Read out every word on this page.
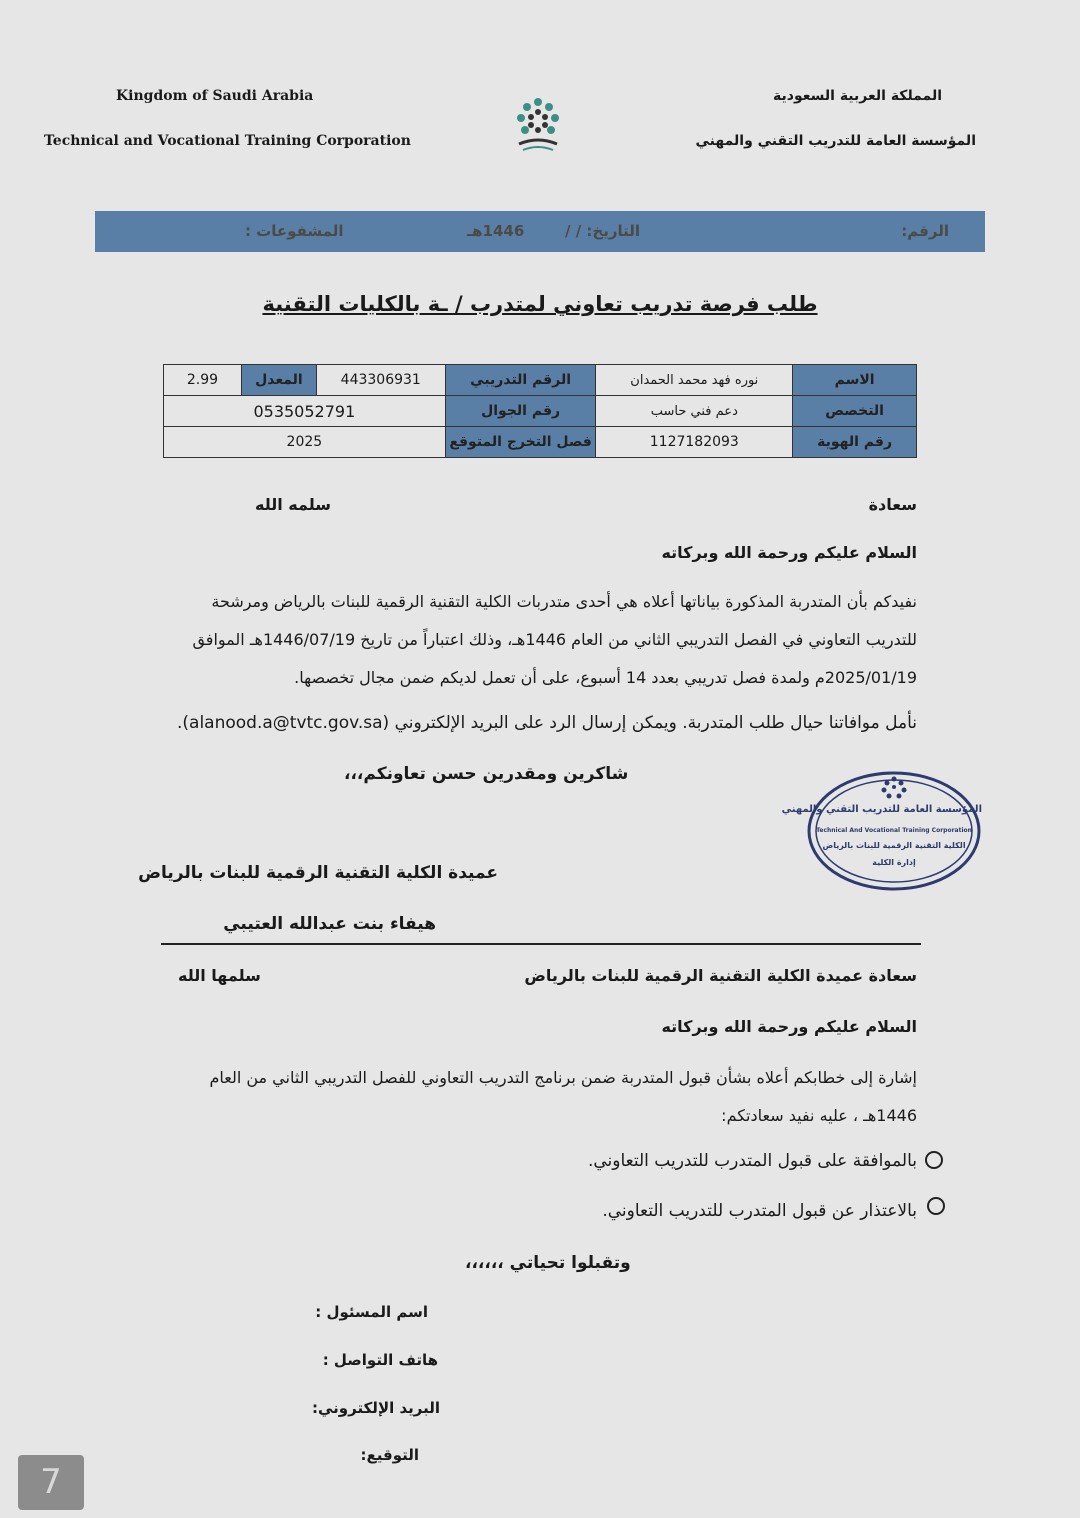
Kingdom of Saudi Arabia
Technical and Vocational Training Corporation
المملكة العربية السعودية
المؤسسة العامة للتدريب التقني والمهني
الرقم:
التاريخ: / /
1446هـ
المشفوعات :
طلب فرصة تدريب تعاوني لمتدرب / ـة بالكليات التقنية
الاسم	نوره فهد محمد الحمدان	الرقم التدريبي	443306931	المعدل	2.99
التخصص	دعم فني حاسب	رقم الجوال	0535052791		
رقم الهوية	1127182093	فصل التخرج المتوقع	2025		
سعادة
سلمه الله
السلام عليكم ورحمة الله وبركاته
نفيدكم بأن المتدربة المذكورة بياناتها أعلاه هي أحدى متدربات الكلية التقنية الرقمية للبنات بالرياض ومرشحة
للتدريب التعاوني في الفصل التدريبي الثاني من العام 1446هـ، وذلك اعتباراً من تاريخ 1446/07/19هـ الموافق
2025/01/19م ولمدة فصل تدريبي بعدد 14 أسبوع، على أن تعمل لديكم ضمن مجال تخصصها.
نأمل موافاتنا حيال طلب المتدربة. ويمكن إرسال الرد على البريد الإلكتروني (alanood.a@tvtc.gov.sa).
شاكرين ومقدرين حسن تعاونكم،،،
المؤسسة العامة للتدريب التقني والمهني
Technical And Vocational Training Corporation
الكلية التقنية الرقمية للبنات بالرياض
إدارة الكلية
عميدة الكلية التقنية الرقمية للبنات بالرياض
هيفاء بنت عبدالله العتيبي
سعادة عميدة الكلية التقنية الرقمية للبنات بالرياض
سلمها الله
السلام عليكم ورحمة الله وبركاته
إشارة إلى خطابكم أعلاه بشأن قبول المتدربة ضمن برنامج التدريب التعاوني للفصل التدريبي الثاني من العام
1446هـ ، عليه نفيد سعادتكم:
بالموافقة على قبول المتدرب للتدريب التعاوني.
بالاعتذار عن قبول المتدرب للتدريب التعاوني.
وتقبلوا تحياتي ،،،،،،
اسم المسئول :
هاتف التواصل :
البريد الإلكتروني:
التوقيع:
7
